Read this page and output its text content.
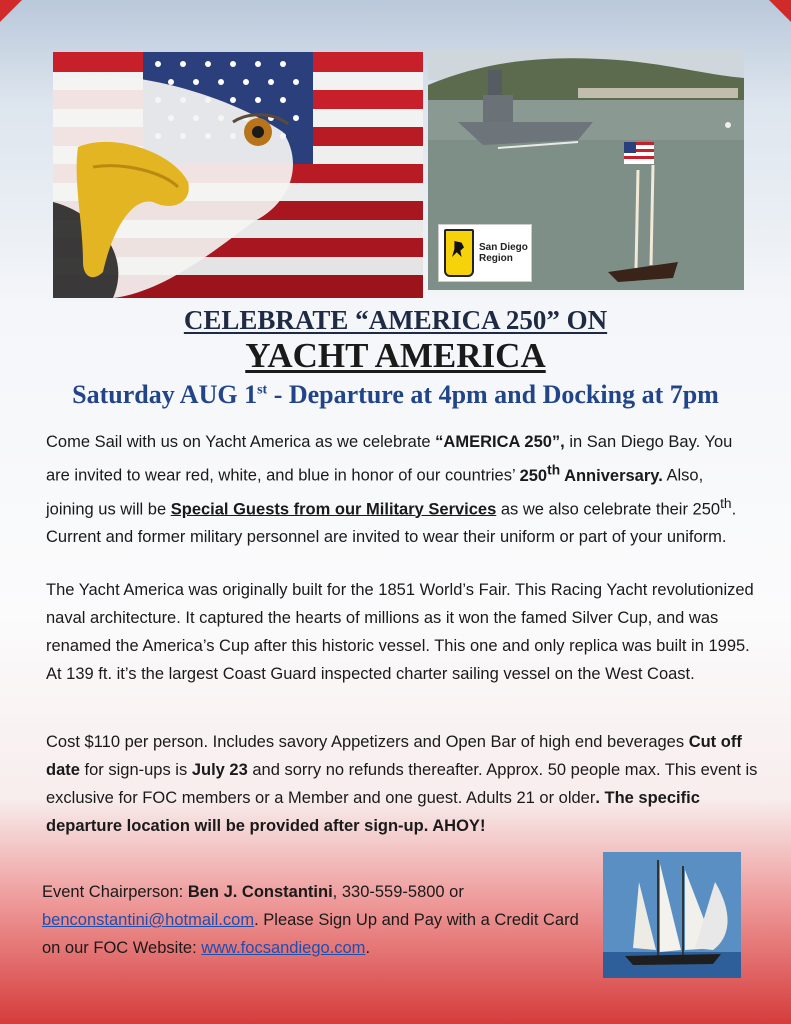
San Diego
Region
CELEBRATE “AMERICA 250” ON
YACHT AMERICA
Saturday AUG 1st - Departure at 4pm and Docking at 7pm
Come Sail with us on Yacht America as we celebrate “AMERICA 250”, in San Diego Bay. You are invited to wear red, white, and blue in honor of our countries’ 250th Anniversary. Also, joining us will be Special Guests from our Military Services as we also celebrate their 250th. Current and former military personnel are invited to wear their uniform or part of your uniform.
The Yacht America was originally built for the 1851 World’s Fair. This Racing Yacht revolutionized naval architecture. It captured the hearts of millions as it won the famed Silver Cup, and was renamed the America’s Cup after this historic vessel. This one and only replica was built in 1995. At 139 ft. it’s the largest Coast Guard inspected charter sailing vessel on the West Coast.
Cost $110 per person. Includes savory Appetizers and Open Bar of high end beverages Cut off date for sign-ups is July 23 and sorry no refunds thereafter. Approx. 50 people max. This event is exclusive for FOC members or a Member and one guest. Adults 21 or older. The specific departure location will be provided after sign-up. AHOY!
Event Chairperson: Ben J. Constantini, 330-559-5800 or benconstantini@hotmail.com. Please Sign Up and Pay with a Credit Card on our FOC Website: www.focsandiego.com.
